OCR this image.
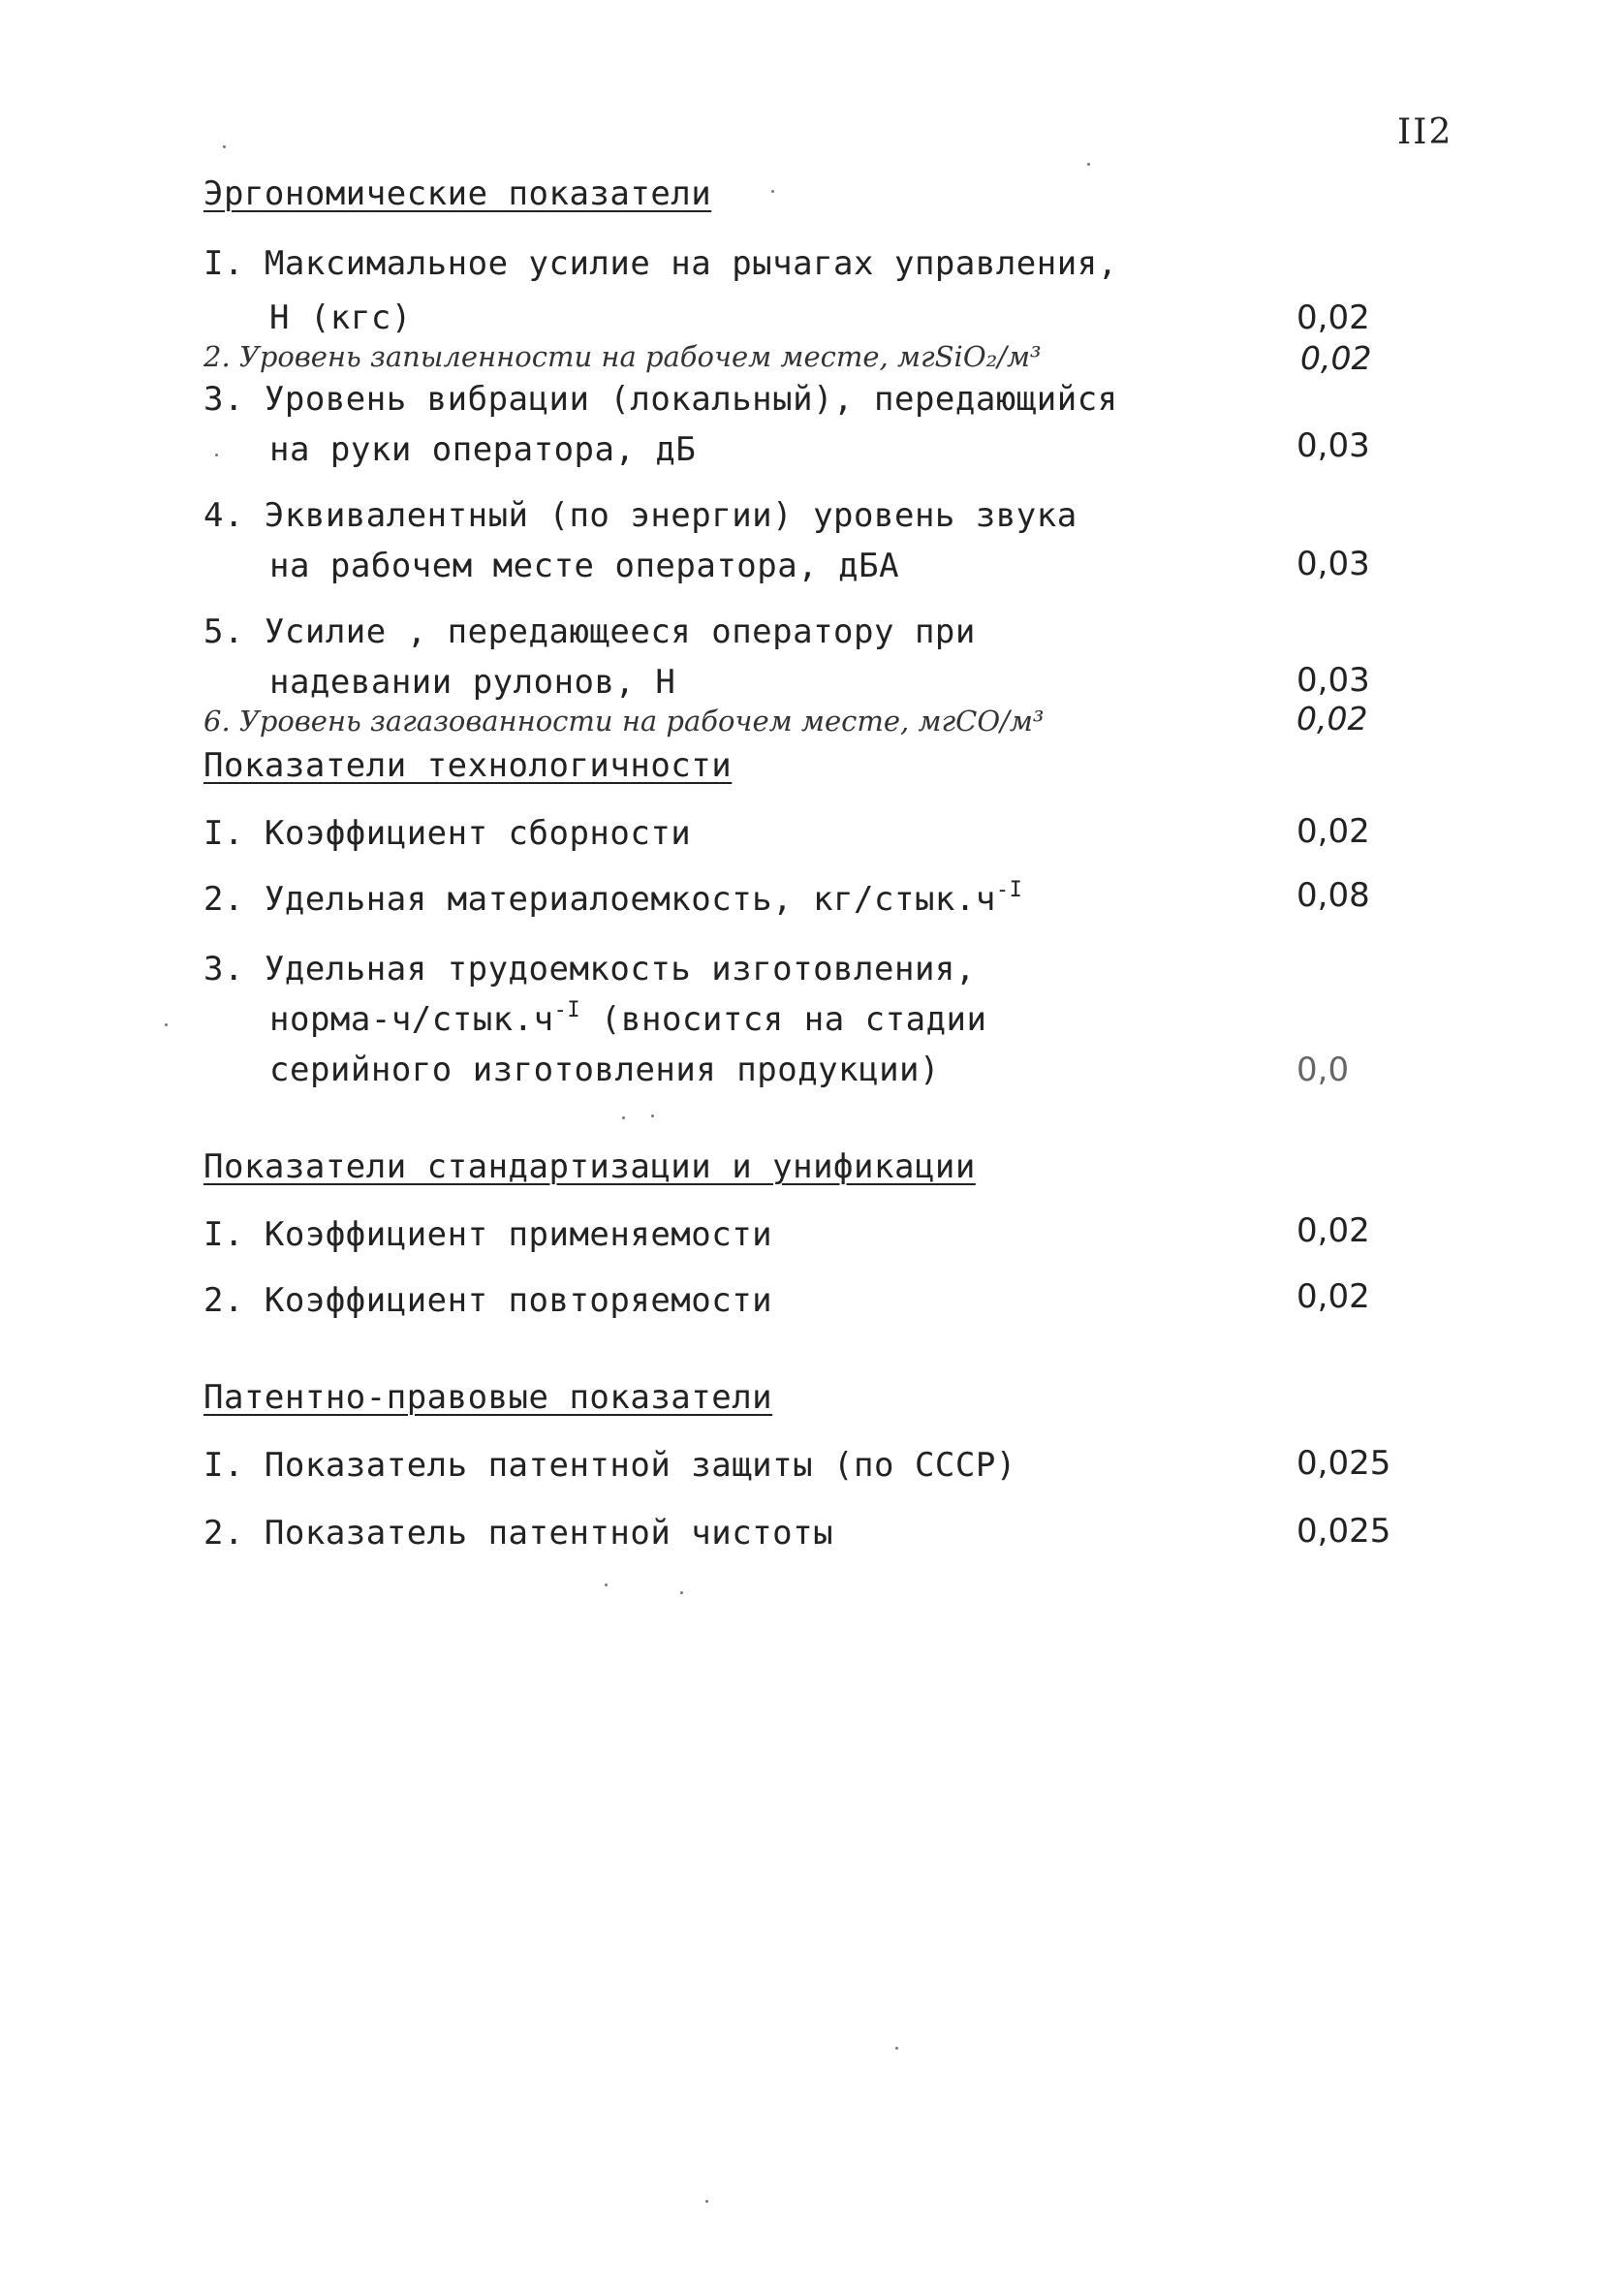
II2
Эргономические показатели
I. Максимальное усилие на рычагах управления,
Н (кгс)	0,02
2. Уровень запыленности на рабочем месте, мгSiO₂/м³	0,02
3. Уровень вибрации (локальный), передающийся
на руки оператора, дБ	0,03
4. Эквивалентный (по энергии) уровень звука
на рабочем месте оператора, дБА	0,03
5. Усилие , передающееся оператору при
надевании рулонов, Н	0,03
6. Уровень загазованности на рабочем месте, мгСО/м³	0,02
Показатели технологичности
I. Коэффициент сборности	0,02
2. Удельная материалоемкость, $кг/стык.ч^{-I}$	0,08
3. Удельная трудоемкость изготовления,
норма-$ч/стык.ч^{-I}$ (вносится на стадии
серийного изготовления продукции)	0,0
Показатели стандартизации и унификации
I. Коэффициент применяемости	0,02
2. Коэффициент повторяемости	0,02
Патентно-правовые показатели
I. Показатель патентной защиты (по СССР)	0,025
2. Показатель патентной чистоты	0,025
